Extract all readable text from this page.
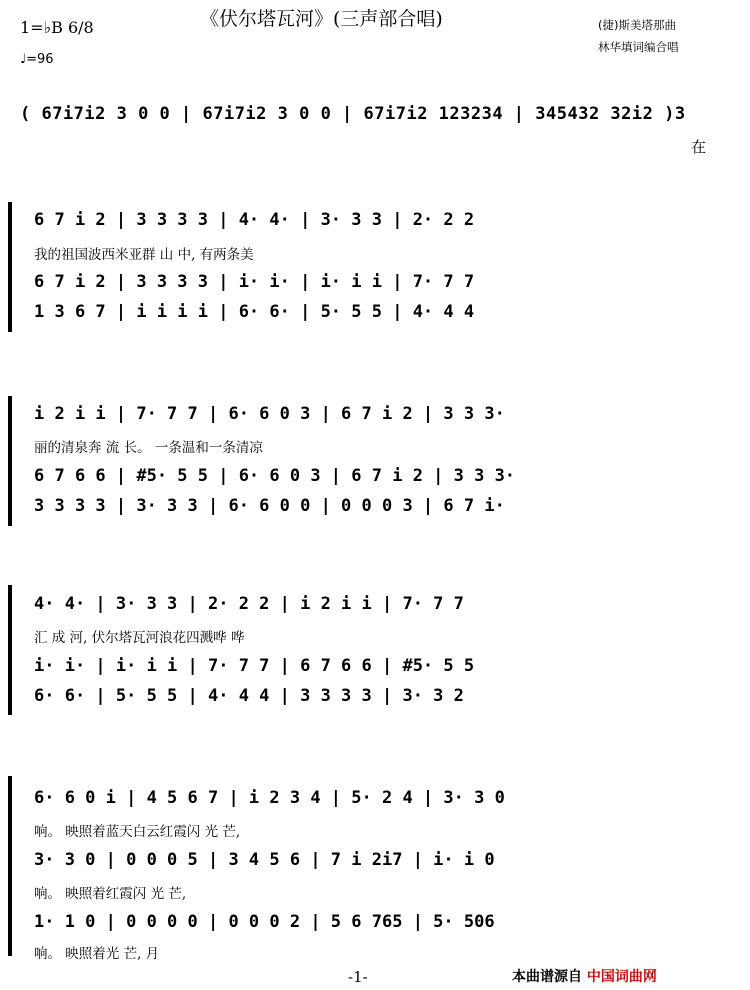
《伏尔塔瓦河》(三声部合唱)
1=♭B 6/8
♩=96
(捷)斯美塔那曲
林华填词编合唱
( 67i7i2 3 0 0 | 67i7i2 3 0 0 | 67i7i2 123234 | 345432 32i2 )3
在
6 7 i 2 | 3 3 3 3 | 4· 4· | 3· 3 3 | 2· 2 2
我的祖国波西米亚群 山 中, 有两条美
6 7 i 2 | 3 3 3 3 | i· i· | i· i i | 7· 7 7
1 3 6 7 | i i i i | 6· 6· | 5· 5 5 | 4· 4 4
i 2 i i | 7· 7 7 | 6· 6 0 3 | 6 7 i 2 | 3 3 3·
丽的清泉奔 流 长。 一条温和一条清凉
6 7 6 6 | #5· 5 5 | 6· 6 0 3 | 6 7 i 2 | 3 3 3·
3 3 3 3 | 3· 3 3 | 6· 6 0 0 | 0 0 0 3 | 6 7 i·
4· 4· | 3· 3 3 | 2· 2 2 | i 2 i i | 7· 7 7
汇 成 河, 伏尔塔瓦河浪花四溅哗 哗
i· i· | i· i i | 7· 7 7 | 6 7 6 6 | #5· 5 5
6· 6· | 5· 5 5 | 4· 4 4 | 3 3 3 3 | 3· 3 2
6· 6 0 i | 4 5 6 7 | i 2 3 4 | 5· 2 4 | 3· 3 0
响。 映照着蓝天白云红霞闪 光 芒,
3· 3 0 | 0 0 0 5 | 3 4 5 6 | 7 i 2i7 | i· i 0
响。 映照着红霞闪 光 芒,
1· 1 0 | 0 0 0 0 | 0 0 0 2 | 5 6 765 | 5· 506
响。 映照着光 芒, 月
-1-	本曲谱源自 中国词曲网
